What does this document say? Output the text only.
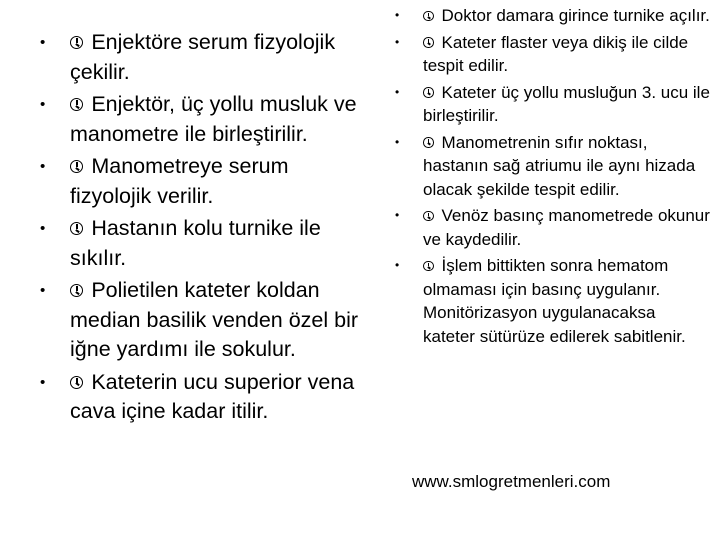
• Enjektöre serum fizyolojik çekilir.
• Enjektör, üç yollu musluk ve manometre ile birleştirilir.
• Manometreye serum fizyolojik verilir.
• Hastanın kolu turnike ile sıkılır.
• Polietilen kateter koldan median basilik venden özel bir iğne yardımı ile sokulur.
• Kateterin ucu superior vena cava içine kadar itilir.
• Doktor damara girince turnike açılır.
• Kateter flaster veya dikiş ile cilde tespit edilir.
• Kateter üç yollu musluğun 3. ucu ile birleştirilir.
• Manometrenin sıfır noktası, hastanın sağ atriumu ile aynı hizada olacak şekilde tespit edilir.
• Venöz basınç manometrede okunur ve kaydedilir.
• İşlem bittikten sonra hematom olmaması için basınç uygulanır. Monitörizasyon uygulanacaksa kateter sütürüze edilerek sabitlenir.
www.smlogretmenleri.com
